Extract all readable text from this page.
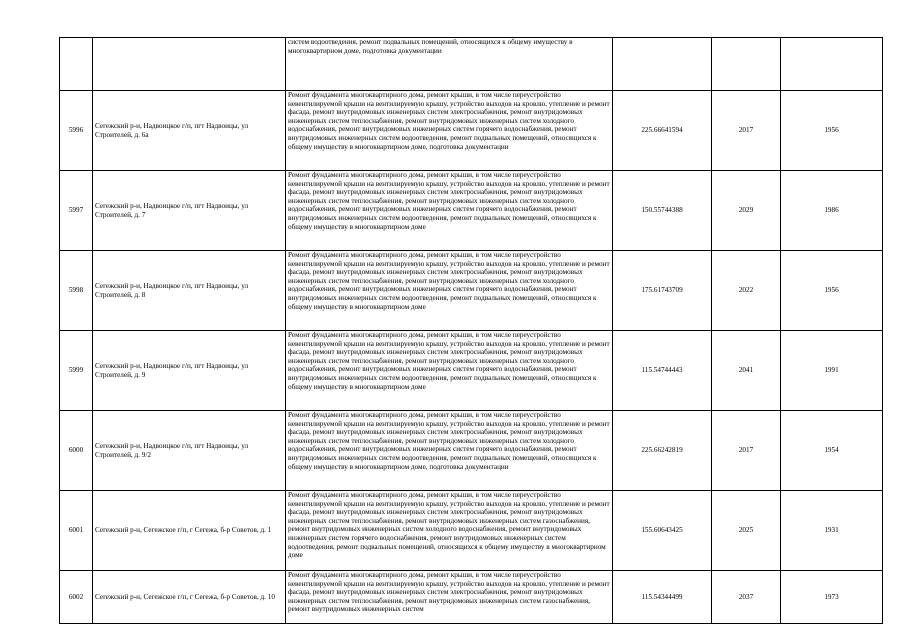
		систем водоотведения, ремонт подвальных помещений, относящихся к общему имуществу в многоквартирном доме, подготовка документации			

5996	Сегежский р-н, Надвоицкое г/п, пгт Надвоицы, ул Строителей, д. 6а	Ремонт фундамента многоквартирного дома, ремонт крыши, в том числе переустройство невентилируемой крыши на вентилируемую крышу, устройство выходов на кровлю, утепление и ремонт фасада, ремонт внутридомовых инженерных систем электроснабжения, ремонт внутридомовых инженерных систем теплоснабжения, ремонт внутридомовых инженерных систем холодного водоснабжения, ремонт внутридомовых инженерных систем горячего водоснабжения, ремонт внутридомовых инженерных систем водоотведения, ремонт подвальных помещений, относящихся к общему имуществу в многоквартирном доме, подготовка документации	225.66641594	2017	1956
5997	Сегежский р-н, Надвоицкое г/п, пгт Надвоицы, ул Строителей, д. 7	Ремонт фундамента многоквартирного дома, ремонт крыши, в том числе переустройство невентилируемой крыши на вентилируемую крышу, устройство выходов на кровлю, утепление и ремонт фасада, ремонт внутридомовых инженерных систем электроснабжения, ремонт внутридомовых инженерных систем теплоснабжения, ремонт внутридомовых инженерных систем холодного водоснабжения, ремонт внутридомовых инженерных систем горячего водоснабжения, ремонт внутридомовых инженерных систем водоотведения, ремонт подвальных помещений, относящихся к общему имуществу в многоквартирном доме	150.55744388	2029	1986
5998	Сегежский р-н, Надвоицкое г/п, пгт Надвоицы, ул Строителей, д. 8	Ремонт фундамента многоквартирного дома, ремонт крыши, в том числе переустройство невентилируемой крыши на вентилируемую крышу, устройство выходов на кровлю, утепление и ремонт фасада, ремонт внутридомовых инженерных систем электроснабжения, ремонт внутридомовых инженерных систем теплоснабжения, ремонт внутридомовых инженерных систем холодного водоснабжения, ремонт внутридомовых инженерных систем горячего водоснабжения, ремонт внутридомовых инженерных систем водоотведения, ремонт подвальных помещений, относящихся к общему имуществу в многоквартирном доме	175.61743709	2022	1956
5999	Сегежский р-н, Надвоицкое г/п, пгт Надвоицы, ул Строителей, д. 9	Ремонт фундамента многоквартирного дома, ремонт крыши, в том числе переустройство невентилируемой крыши на вентилируемую крышу, устройство выходов на кровлю, утепление и ремонт фасада, ремонт внутридомовых инженерных систем электроснабжения, ремонт внутридомовых инженерных систем теплоснабжения, ремонт внутридомовых инженерных систем холодного водоснабжения, ремонт внутридомовых инженерных систем горячего водоснабжения, ремонт внутридомовых инженерных систем водоотведения, ремонт подвальных помещений, относящихся к общему имуществу в многоквартирном доме	115.54744443	2041	1991
6000	Сегежский р-н, Надвоицкое г/п, пгт Надвоицы, ул Строителей, д. 9/2	Ремонт фундамента многоквартирного дома, ремонт крыши, в том числе переустройство невентилируемой крыши на вентилируемую крышу, устройство выходов на кровлю, утепление и ремонт фасада, ремонт внутридомовых инженерных систем электроснабжения, ремонт внутридомовых инженерных систем теплоснабжения, ремонт внутридомовых инженерных систем холодного водоснабжения, ремонт внутридомовых инженерных систем горячего водоснабжения, ремонт внутридомовых инженерных систем водоотведения, ремонт подвальных помещений, относящихся к общему имуществу в многоквартирном доме, подготовка документации	225.66242819	2017	1954
6001	Сегежский р-н, Сегежское г/п, г Сегежа, б-р Советов, д. 1	Ремонт фундамента многоквартирного дома, ремонт крыши, в том числе переустройство невентилируемой крыши на вентилируемую крышу, устройство выходов на кровлю, утепление и ремонт фасада, ремонт внутридомовых инженерных систем электроснабжения, ремонт внутридомовых инженерных систем теплоснабжения, ремонт внутридомовых инженерных систем газоснабжения, ремонт внутридомовых инженерных систем холодного водоснабжения, ремонт внутридомовых инженерных систем горячего водоснабжения, ремонт внутридомовых инженерных систем водоотведения, ремонт подвальных помещений, относящихся к общему имуществу в многоквартирном доме	155.60643425	2025	1931
6002	Сегежский р-н, Сегежское г/п, г Сегежа, б-р Советов, д. 10	Ремонт фундамента многоквартирного дома, ремонт крыши, в том числе переустройство невентилируемой крыши на вентилируемую крышу, устройство выходов на кровлю, утепление и ремонт фасада, ремонт внутридомовых инженерных систем электроснабжения, ремонт внутридомовых инженерных систем теплоснабжения, ремонт внутридомовых инженерных систем газоснабжения, ремонт внутридомовых инженерных систем	115.54344499	2037	1973
